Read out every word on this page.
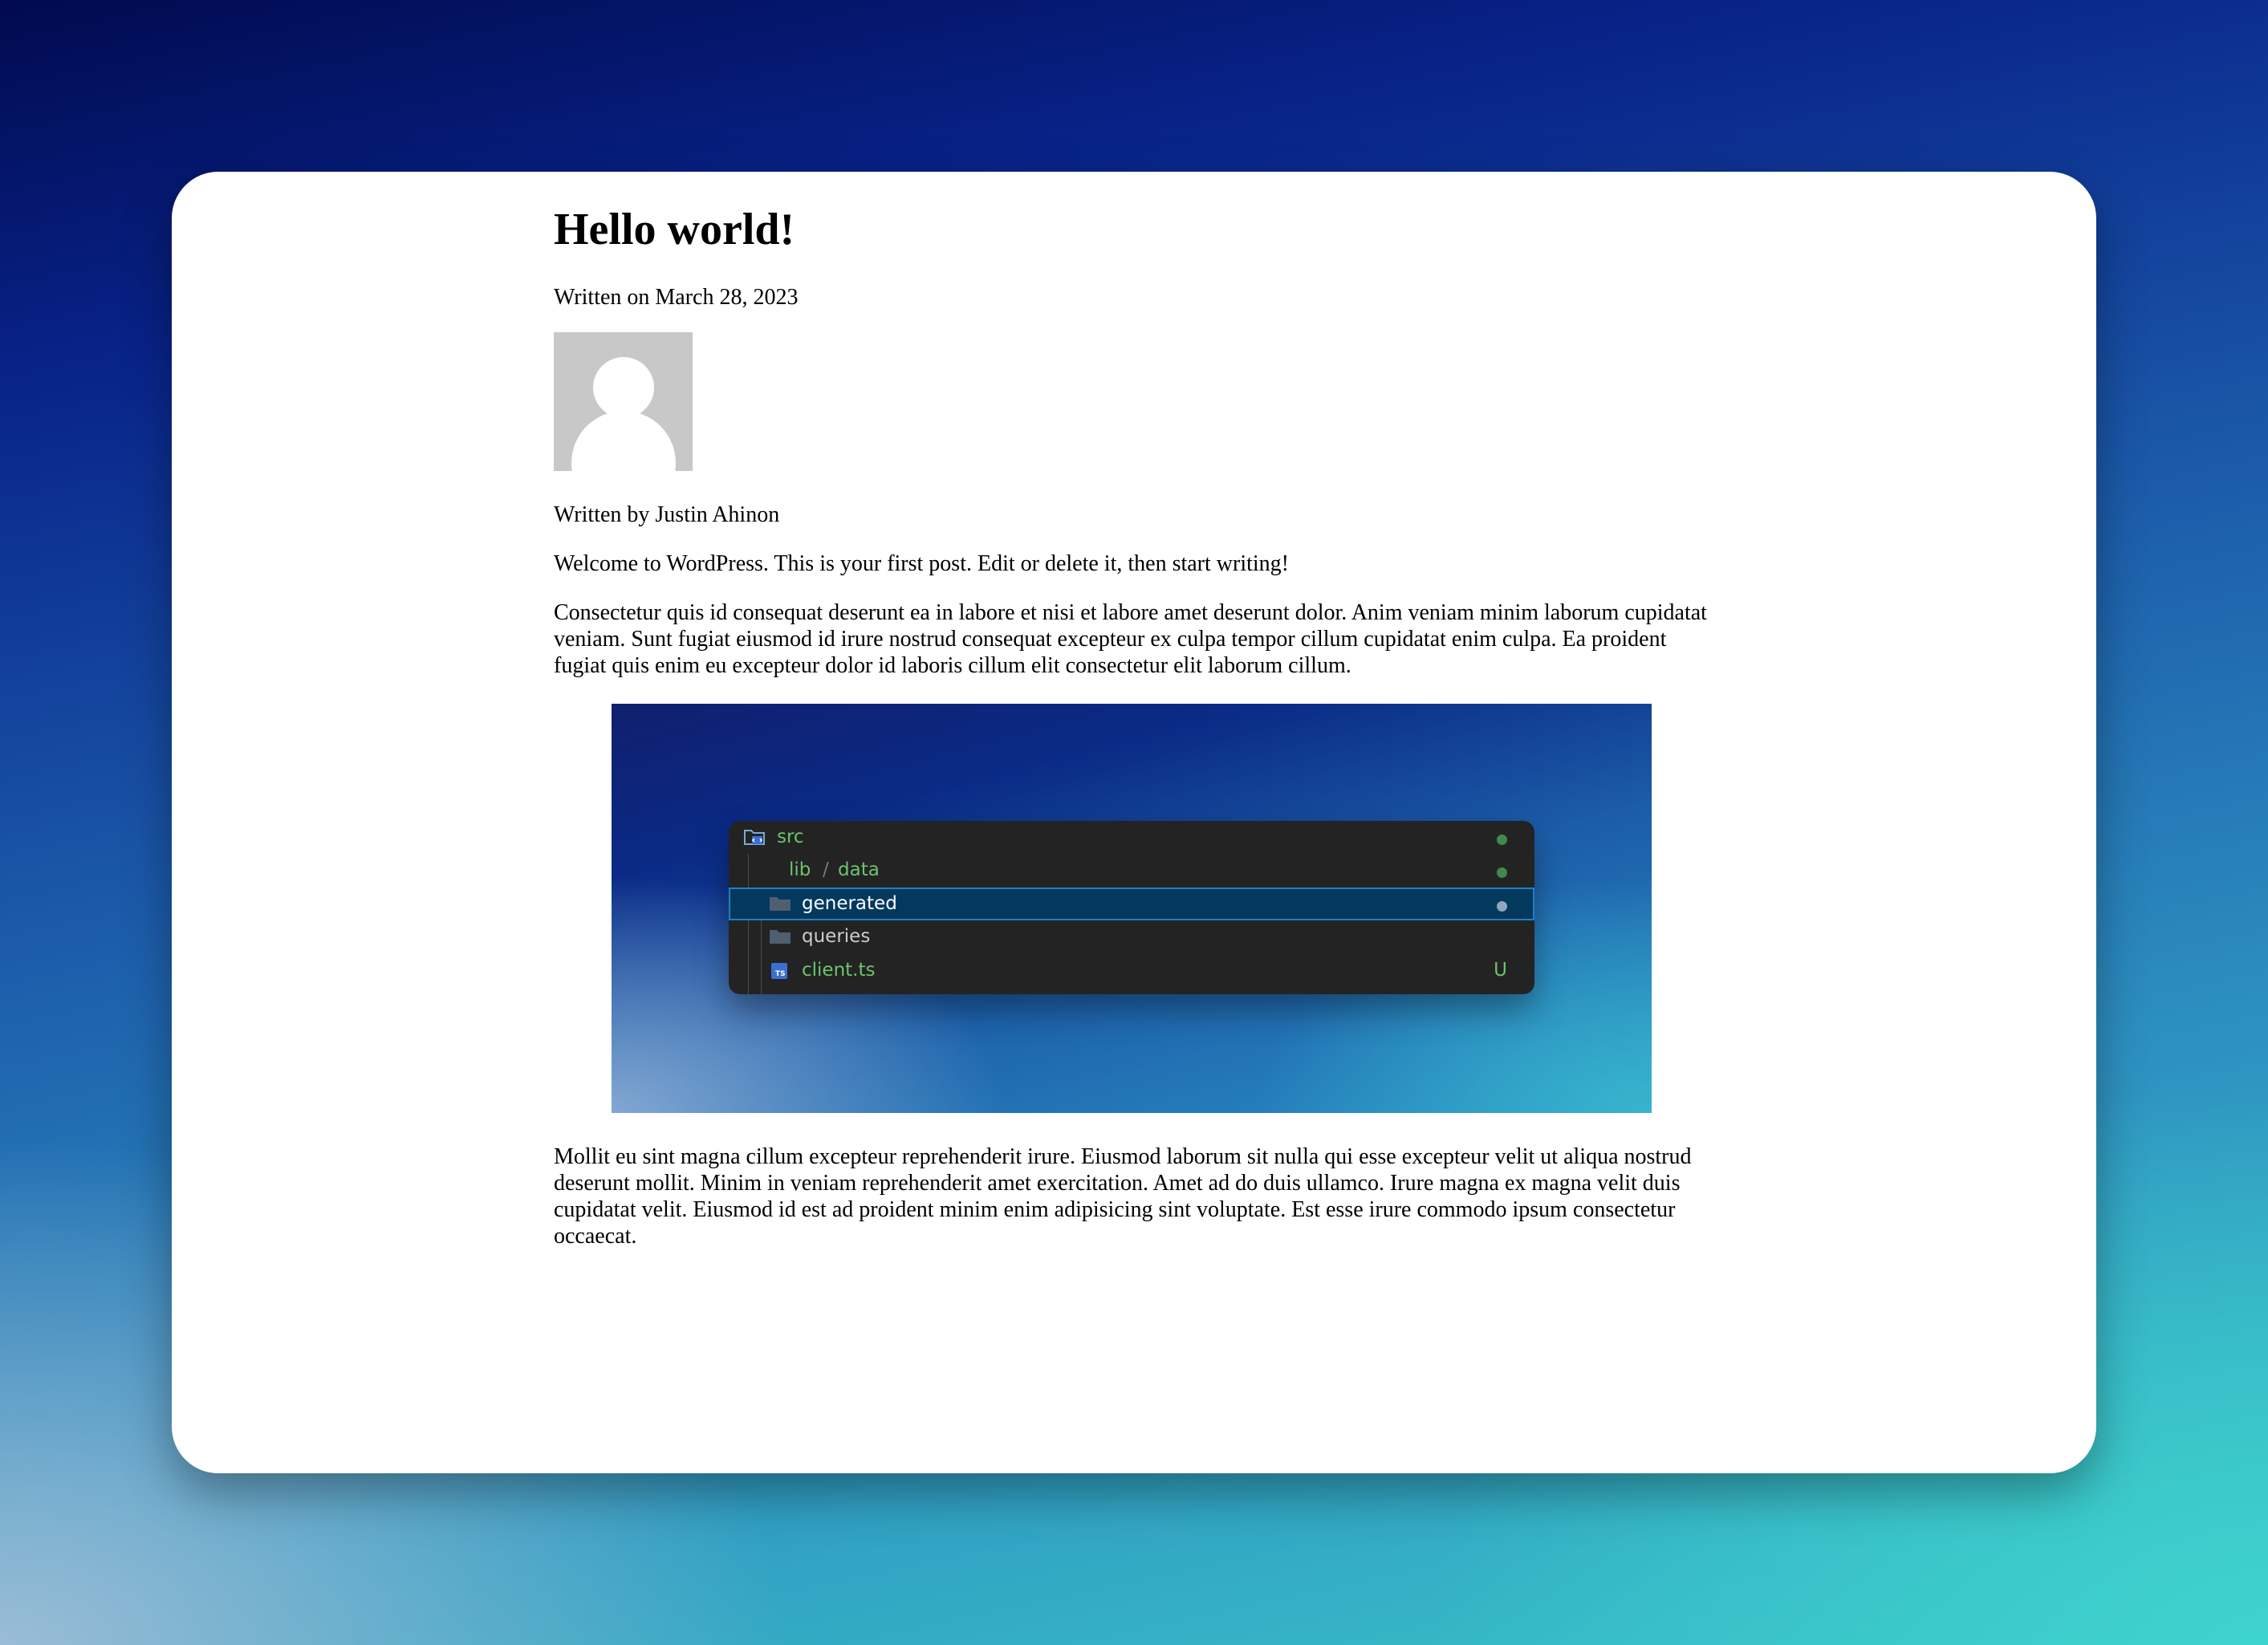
Hello world!

Written on March 28, 2023

Written by Justin Ahinon

Welcome to WordPress. This is your first post. Edit or delete it, then start writing!

Consectetur quis id consequat deserunt ea in labore et nisi et labore amet deserunt dolor. Anim veniam minim laborum cupidatat veniam. Sunt fugiat eiusmod id irure nostrud consequat excepteur ex culpa tempor cillum cupidatat enim culpa. Ea proident fugiat quis enim eu excepteur dolor id laboris cillum elit consectetur elit laborum cillum.

src
lib / data
generated
queries
TS client.ts	U

Mollit eu sint magna cillum excepteur reprehenderit irure. Eiusmod laborum sit nulla qui esse excepteur velit ut aliqua nostrud deserunt mollit. Minim in veniam reprehenderit amet exercitation. Amet ad do duis ullamco. Irure magna ex magna velit duis cupidatat velit. Eiusmod id est ad proident minim enim adipisicing sint voluptate. Est esse irure commodo ipsum consectetur occaecat.
